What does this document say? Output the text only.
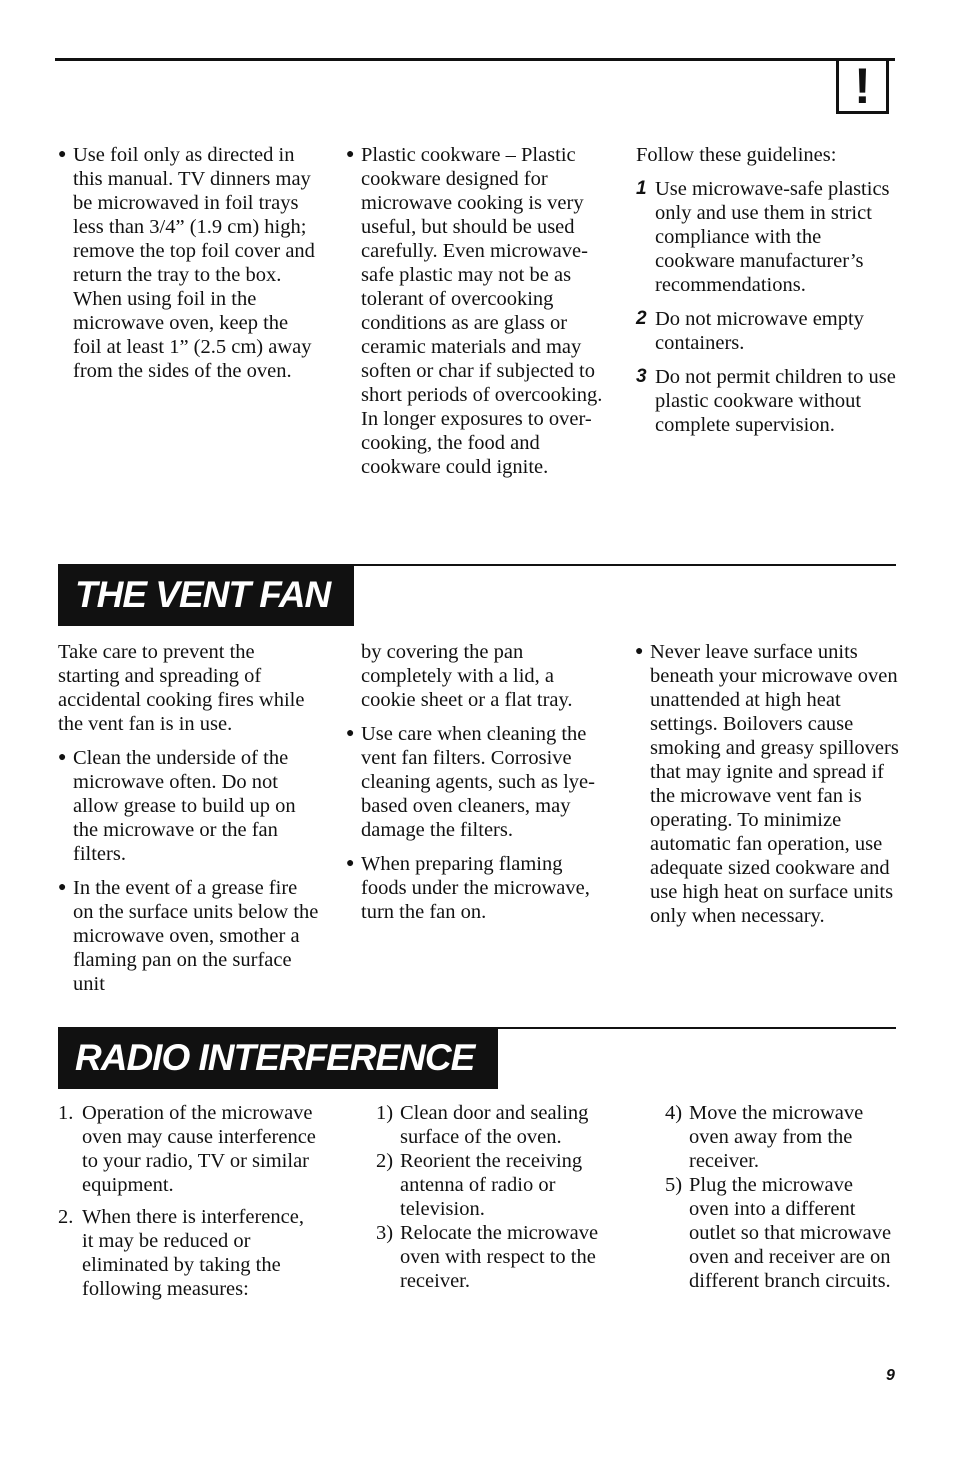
!
● Use foil only as directed in this manual. TV dinners may be microwaved in foil trays less than 3/4” (1.9 cm) high; remove the top foil cover and return the tray to the box. When using foil in the microwave oven, keep the foil at least 1” (2.5 cm) away from the sides of the oven.
● Plastic cookware – Plastic cookware designed for microwave cooking is very useful, but should be used carefully. Even microwave-safe plastic may not be as tolerant of overcooking conditions as are glass or ceramic materials and may soften or char if subjected to short periods of overcooking. In longer exposures to over-cooking, the food and cookware could ignite.

Follow these guidelines:

1 Use microwave-safe plastics only and use them in strict compliance with the cookware manufacturer’s recommendations.
2 Do not microwave empty containers.
3 Do not permit children to use plastic cookware without complete supervision.
THE VENT FAN

Take care to prevent the starting and spreading of accidental cooking fires while the vent fan is in use.

● Clean the underside of the microwave often. Do not allow grease to build up on the microwave or the fan filters.
● In the event of a grease fire on the surface units below the microwave oven, smother a flaming pan on the surface unit

by covering the pan completely with a lid, a cookie sheet or a flat tray.

● Use care when cleaning the vent fan filters. Corrosive cleaning agents, such as lye-based oven cleaners, may damage the filters.
● When preparing flaming foods under the microwave, turn the fan on.
● Never leave surface units beneath your microwave oven unattended at high heat settings. Boilovers cause smoking and greasy spillovers that may ignite and spread if the microwave vent fan is operating. To minimize automatic fan operation, use adequate sized cookware and use high heat on surface units only when necessary.
RADIO INTERFERENCE
1. Operation of the microwave oven may cause interference to your radio, TV or similar equipment.
2. When there is interference, it may be reduced or eliminated by taking the following measures:
1) Clean door and sealing surface of the oven.
2) Reorient the receiving antenna of radio or television.
3) Relocate the microwave oven with respect to the receiver.
4) Move the microwave oven away from the receiver.
5) Plug the microwave oven into a different outlet so that microwave oven and receiver are on different branch circuits.
9
